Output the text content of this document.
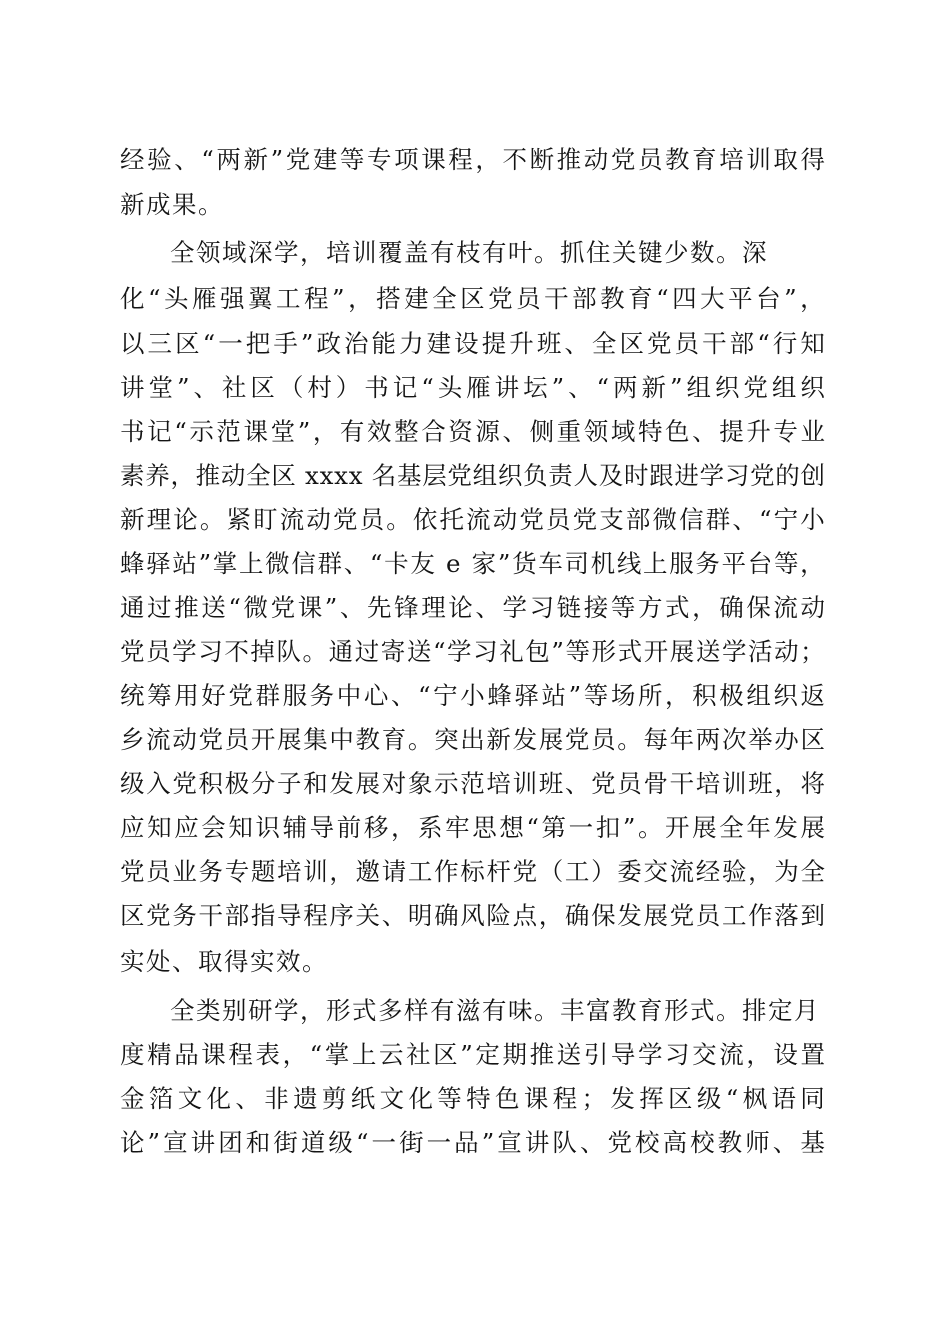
经 验 、 “ 两 新 ” 党 建 等 专 项 课 程 ， 不 断 推 动 党 员 教 育 培 训 取 得
新成果。
全领域深学，培训覆盖有枝有叶。抓住关键少数。深
化 “ 头 雁 强 翼 工 程 ” ， 搭 建 全 区 党 员 干 部 教 育 “ 四 大 平 台 ” ，
以 三 区 “ 一 把 手 ” 政 治 能 力 建 设 提 升 班 、 全 区 党 员 干 部 “ 行 知
讲 堂 ” 、 社 区 （ 村 ） 书 记 “ 头 雁 讲 坛 ” 、 “ 两 新 ” 组 织 党 组 织
书 记 “ 示 范 课 堂 ” ， 有 效 整 合 资 源 、 侧 重 领 域 特 色 、 提 升 专 业
素 养 ， 推 动 全 区
x x x x
名 基 层 党 组 织 负 责 人 及 时 跟 进 学 习 党 的 创
新 理 论 。 紧 盯 流 动 党 员 。 依 托 流 动 党 员 党 支 部 微 信 群 、 “ 宁 小
蜂 驿 站 ” 掌 上 微 信 群 、 “ 卡 友
e
家 ” 货 车 司 机 线 上 服 务 平 台 等 ，
通 过 推 送 “ 微 党 课 ” 、 先 锋 理 论 、 学 习 链 接 等 方 式 ， 确 保 流 动
党 员 学 习 不 掉 队 。 通 过 寄 送 “ 学 习 礼 包 ” 等 形 式 开 展 送 学 活 动 ；
统 筹 用 好 党 群 服 务 中 心 、 “ 宁 小 蜂 驿 站 ” 等 场 所 ， 积 极 组 织 返
乡 流 动 党 员 开 展 集 中 教 育 。 突 出 新 发 展 党 员 。 每 年 两 次 举 办 区
级 入 党 积 极 分 子 和 发 展 对 象 示 范 培 训 班 、 党 员 骨 干 培 训 班 ， 将
应 知 应 会 知 识 辅 导 前 移 ， 系 牢 思 想 “ 第 一 扣 ” 。 开 展 全 年 发 展
党 员 业 务 专 题 培 训 ， 邀 请 工 作 标 杆 党 （ 工 ） 委 交 流 经 验 ， 为 全
区 党 务 干 部 指 导 程 序 关 、 明 确 风 险 点 ， 确 保 发 展 党 员 工 作 落 到
实处、取得实效。
全类别研学，形式多样有滋有味。丰富教育形式。排定月
度 精 品 课 程 表 ， “ 掌 上 云 社 区 ” 定 期 推 送 引 导 学 习 交 流 ， 设 置
金 箔 文 化 、 非 遗 剪 纸 文 化 等 特 色 课 程 ； 发 挥 区 级 “ 枫 语 同
论 ” 宣 讲 团 和 街 道 级 “ 一 街 一 品 ” 宣 讲 队 、 党 校 高 校 教 师 、 基
